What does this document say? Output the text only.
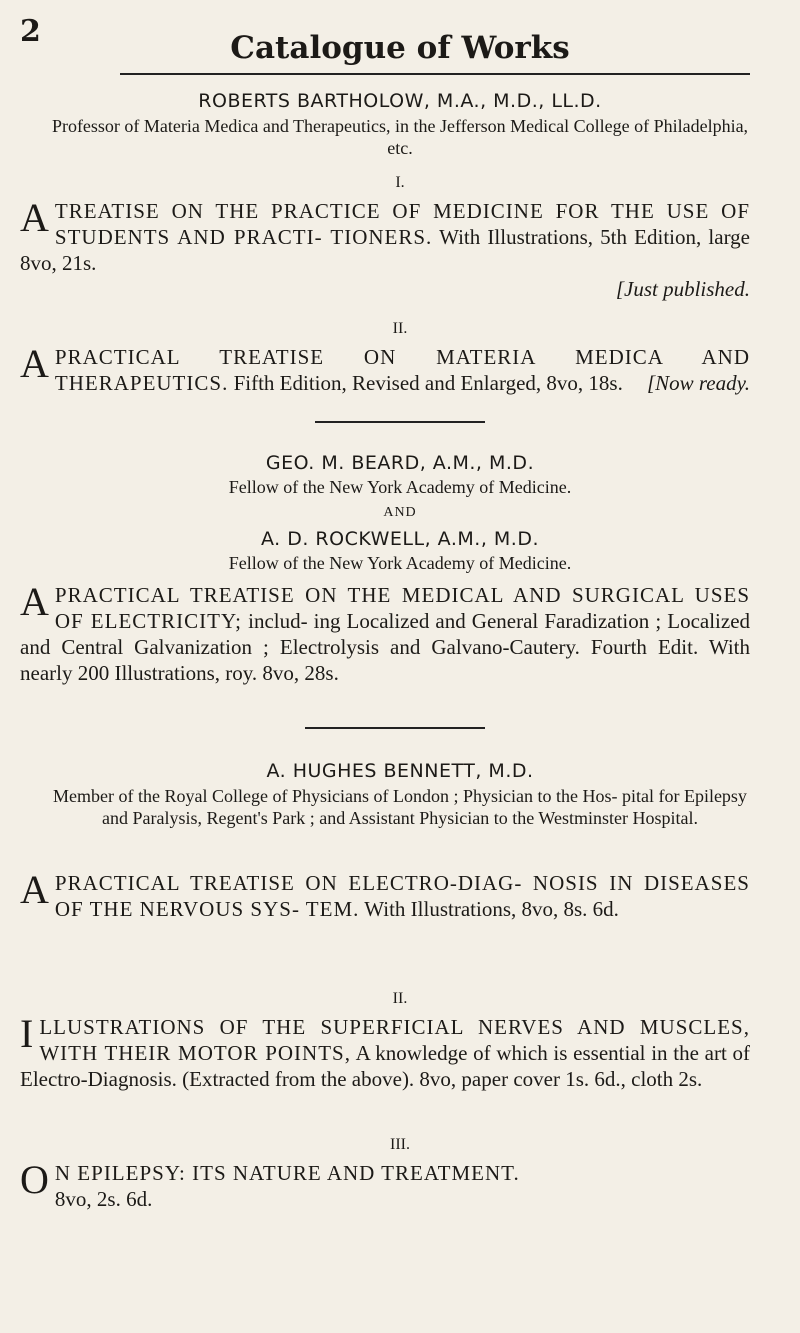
2	Catalogue of Works
ROBERTS BARTHOLOW, M.A., M.D., LL.D.
Professor of Materia Medica and Therapeutics, in the Jefferson Medical College of Philadelphia, etc.
I.
A TREATISE ON THE PRACTICE OF MEDICINE FOR THE USE OF STUDENTS AND PRACTI- TIONERS. With Illustrations, 5th Edition, large 8vo, 21s.
[Just published.
II.
A PRACTICAL TREATISE ON MATERIA MEDICA AND THERAPEUTICS. Fifth Edition, Revised and Enlarged, 8vo, 18s. [Now ready.
GEO. M. BEARD, A.M., M.D.
Fellow of the New York Academy of Medicine.
AND
A. D. ROCKWELL, A.M., M.D.
Fellow of the New York Academy of Medicine.
A PRACTICAL TREATISE ON THE MEDICAL AND SURGICAL USES OF ELECTRICITY; includ- ing Localized and General Faradization ; Localized and Central Galvanization ; Electrolysis and Galvano-Cautery. Fourth Edit. With nearly 200 Illustrations, roy. 8vo, 28s.
A. HUGHES BENNETT, M.D.
Member of the Royal College of Physicians of London ; Physician to the Hos- pital for Epilepsy and Paralysis, Regent's Park ; and Assistant Physician to the Westminster Hospital.
A PRACTICAL TREATISE ON ELECTRO-DIAG- NOSIS IN DISEASES OF THE NERVOUS SYS- TEM. With Illustrations, 8vo, 8s. 6d.
II.
I LLUSTRATIONS OF THE SUPERFICIAL NERVES AND MUSCLES, WITH THEIR MOTOR POINTS, A knowledge of which is essential in the art of Electro-Diagnosis. (Extracted from the above). 8vo, paper cover 1s. 6d., cloth 2s.
III.
O N EPILEPSY: ITS NATURE AND TREATMENT.
8vo, 2s. 6d.
